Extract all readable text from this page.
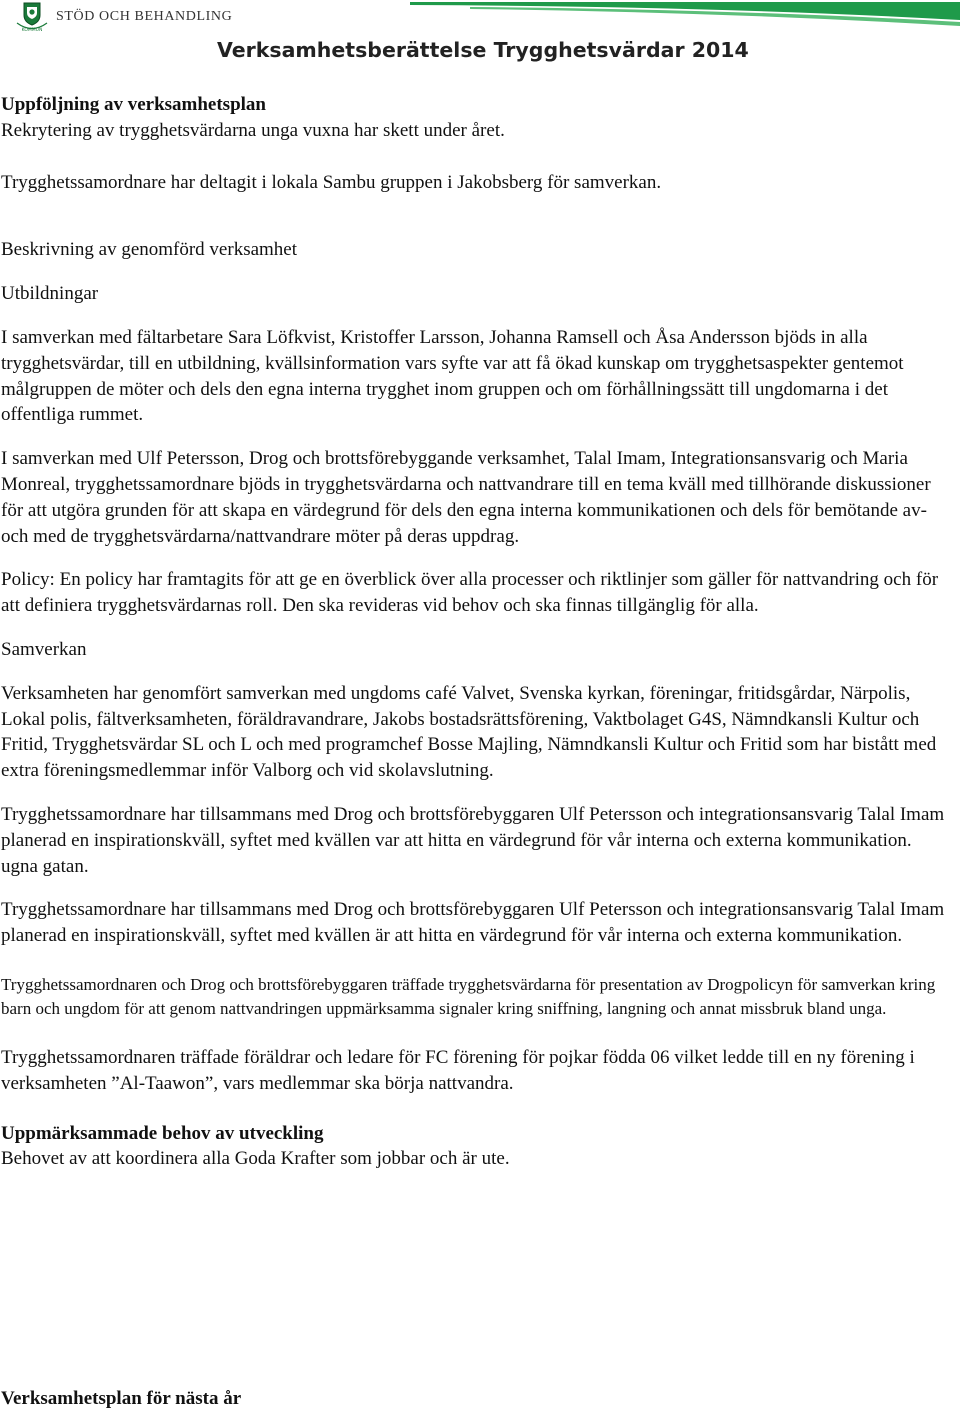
KOMMUN
STÖD OCH BEHANDLING
Verksamhetsberättelse Trygghetsvärdar 2014

Uppföljning av verksamhetsplan

Rekrytering av trygghetsvärdarna unga vuxna har skett under året.

Trygghetssamordnare har deltagit i lokala Sambu gruppen i Jakobsberg för samverkan.

Beskrivning av genomförd verksamhet

Utbildningar

I samverkan med fältarbetare Sara Löfkvist, Kristoffer Larsson, Johanna Ramsell och Åsa Andersson bjöds in alla trygghetsvärdar, till en utbildning, kvällsinformation vars syfte var att få ökad kunskap om trygghetsaspekter gentemot målgruppen de möter och dels den egna interna trygghet inom gruppen och om förhållningssätt till ungdomarna i det offentliga rummet.

I samverkan med Ulf Petersson, Drog och brottsförebyggande verksamhet, Talal Imam, Integrationsansvarig och Maria Monreal, trygghetssamordnare bjöds in trygghetsvärdarna och nattvandrare till en tema kväll med tillhörande diskussioner för att utgöra grunden för att skapa en värdegrund för dels den egna interna kommunikationen och dels för bemötande av- och med de trygghetsvärdarna/nattvandrare möter på deras uppdrag.

Policy: En policy har framtagits för att ge en överblick över alla processer och riktlinjer som gäller för nattvandring och för att definiera trygghetsvärdarnas roll. Den ska revideras vid behov och ska finnas tillgänglig för alla.

Samverkan

Verksamheten har genomfört samverkan med ungdoms café Valvet, Svenska kyrkan, föreningar, fritidsgårdar, Närpolis, Lokal polis, fältverksamheten, föräldravandrare, Jakobs bostadsrättsförening, Vaktbolaget G4S, Nämndkansli Kultur och Fritid, Trygghetsvärdar SL och L och med programchef Bosse Majling, Nämndkansli Kultur och Fritid som har bistått med extra föreningsmedlemmar inför Valborg och vid skolavslutning.

Trygghetssamordnare har tillsammans med Drog och brottsförebyggaren Ulf Petersson och integrationsansvarig Talal Imam planerad en inspirationskväll, syftet med kvällen var att hitta en värdegrund för vår interna och externa kommunikation. ugna gatan.

Trygghetssamordnare har tillsammans med Drog och brottsförebyggaren Ulf Petersson och integrationsansvarig Talal Imam planerad en inspirationskväll, syftet med kvällen är att hitta en värdegrund för vår interna och externa kommunikation.

Trygghetssamordnaren och Drog och brottsförebyggaren träffade trygghetsvärdarna för presentation av Drogpolicyn för samverkan kring barn och ungdom för att genom nattvandringen uppmärksamma signaler kring sniffning, langning och annat missbruk bland unga.

Trygghetssamordnaren träffade föräldrar och ledare för FC förening för pojkar födda 06 vilket ledde till en ny förening i verksamheten ”Al-Taawon”, vars medlemmar ska börja nattvandra.

Uppmärksammade behov av utveckling

Behovet av att koordinera alla Goda Krafter som jobbar och är ute.

Verksamhetsplan för nästa år
